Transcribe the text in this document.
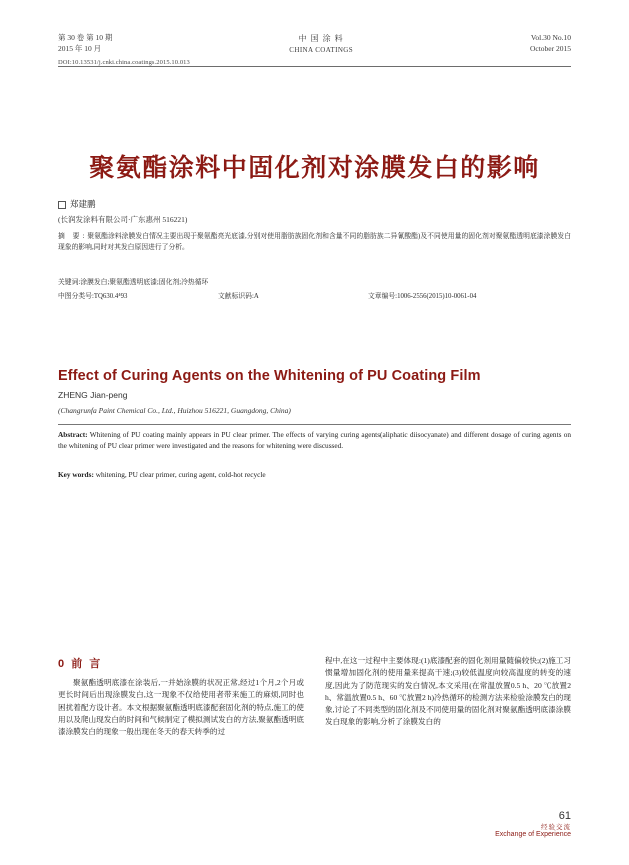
第 30 卷 第 10 期
2015 年 10 月
中 国 涂 料
CHINA COATINGS
Vol.30 No.10
October 2015
DOI:10.13531/j.cnki.china.coatings.2015.10.013
聚氨酯涂料中固化剂对涂膜发白的影响
郑建鹏
(长润发涂料有限公司·广东惠州 516221)
摘 要:聚氨酯涂料涂膜发白情况主要出现于聚氨酯亮光底漆,分别对使用脂肪族固化剂和含量不同的脂肪族二异氰酸酯)及不同使用量的固化剂对聚氨酯透明底漆涂膜发白现象的影响,同时对其发白原因进行了分析。
关键词:涂膜发白;聚氨酯透明底漆;固化剂;冷热循环
中图分类号:TQ630.4⁴93	文献标识码:A	文章编号:1006-2556(2015)10-0061-04
Effect of Curing Agents on the Whitening of PU Coating Film
ZHENG Jian-peng
(Changrunfa Paint Chemical Co., Ltd., Huizhou 516221, Guangdong, China)
Abstract: Whitening of PU coating mainly appears in PU clear primer. The effects of varying curing agents(aliphatic diisocyanate) and different dosage of curing agents on the whitening of PU clear primer were investigated and the reasons for whitening were discussed.
Key words: whitening, PU clear primer, curing agent, cold-hot recycle
0 前 言
聚氨酯透明底漆在涂装后,一并始涂膜的状况正常,经过1个月,2个月或更长时间后出现涂膜发白,这一现象不仅给使用者带来施工的麻烦,同时也困扰着配方设计者。本文根据聚氨酯透明底漆配套固化剂的特点,施工的使用以及爬山现发白的时间和气候制定了模拟测试发白的方法,聚氨酯透明底漆涂膜发白的现象一般出现在冬天的春天转季的过
程中,在这一过程中主要体现:(1)底漆配套的固化剂用量随偏较快;(2)施工习惯量增加固化剂的使用量来提高干速;(3)较低温度向较高温度的转变的速度,因此为了防范现实的发白情况,本文采用(在常温放置0.5 h、20 ℃放置2 h、常温放置0.5 h、60 ℃放置2 h)冷热循环的检测方法来检验涂膜发白的现象,讨论了不同类型的固化剂及不同使用量的固化剂对聚氨酯透明底漆涂膜发白现象的影响,分析了涂膜发白的
61
经验交流
Exchange of Experience
